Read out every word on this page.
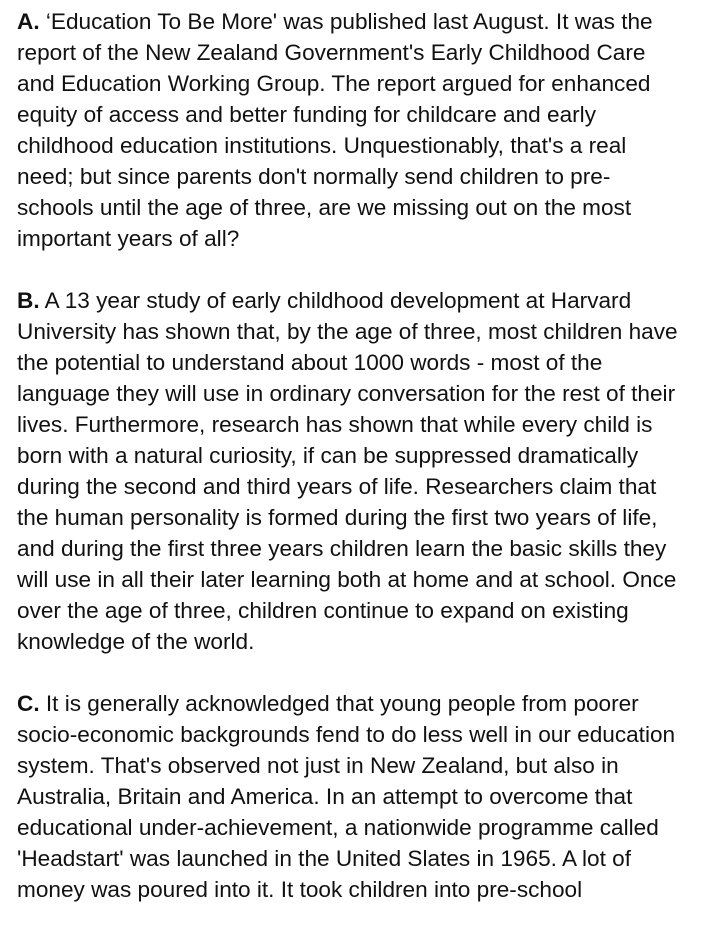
A. ‘Education To Be More' was published last August. It was the
report of the New Zealand Government's Early Childhood Care
and Education Working Group. The report argued for enhanced
equity of access and better funding for childcare and early
childhood education institutions. Unquestionably, that's a real
need; but since parents don't normally send children to pre-
schools until the age of three, are we missing out on the most
important years of all?

B. A 13 year study of early childhood development at Harvard
University has shown that, by the age of three, most children have
the potential to understand about 1000 words - most of the
language they will use in ordinary conversation for the rest of their
lives. Furthermore, research has shown that while every child is
born with a natural curiosity, if can be suppressed dramatically
during the second and third years of life. Researchers claim that
the human personality is formed during the first two years of life,
and during the first three years children learn the basic skills they
will use in all their later learning both at home and at school. Once
over the age of three, children continue to expand on existing
knowledge of the world.

C. It is generally acknowledged that young people from poorer
socio-economic backgrounds fend to do less well in our education
system. That's observed not just in New Zealand, but also in
Australia, Britain and America. In an attempt to overcome that
educational under-achievement, a nationwide programme called
'Headstart' was launched in the United Slates in 1965. A lot of
money was poured into it. It took children into pre-school
